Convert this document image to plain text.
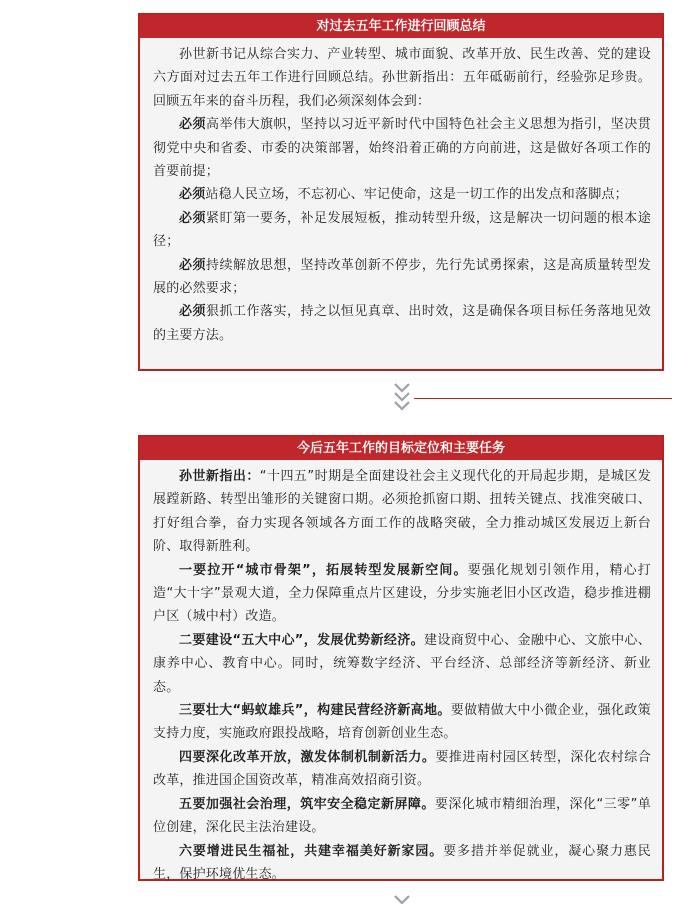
对过去五年工作进行回顾总结

孙世新书记从综合实力、产业转型、城市面貌、改革开放、民生改善、党的建设六方面对过去五年工作进行回顾总结。孙世新指出：五年砥砺前行，经验弥足珍贵。回顾五年来的奋斗历程，我们必须深刻体会到：

必须高举伟大旗帜，坚持以习近平新时代中国特色社会主义思想为指引，坚决贯彻党中央和省委、市委的决策部署，始终沿着正确的方向前进，这是做好各项工作的首要前提；

必须站稳人民立场，不忘初心、牢记使命，这是一切工作的出发点和落脚点；

必须紧盯第一要务，补足发展短板，推动转型升级，这是解决一切问题的根本途径；

必须持续解放思想，坚持改革创新不停步，先行先试勇探索，这是高质量转型发展的必然要求；

必须狠抓工作落实，持之以恒见真章、出时效，这是确保各项目标任务落地见效的主要方法。

今后五年工作的目标定位和主要任务

孙世新指出：“十四五”时期是全面建设社会主义现代化的开局起步期，是城区发展蹚新路、转型出雏形的关键窗口期。必须抢抓窗口期、扭转关键点、找准突破口、打好组合拳，奋力实现各领域各方面工作的战略突破，全力推动城区发展迈上新台阶、取得新胜利。

一要拉开“城市骨架”，拓展转型发展新空间。要强化规划引领作用，精心打造“大十字”景观大道，全力保障重点片区建设，分步实施老旧小区改造，稳步推进棚户区（城中村）改造。

二要建设“五大中心”，发展优势新经济。建设商贸中心、金融中心、文旅中心、康养中心、教育中心。同时，统筹数字经济、平台经济、总部经济等新经济、新业态。

三要壮大“蚂蚁雄兵”，构建民营经济新高地。要做精做大中小微企业，强化政策支持力度，实施政府跟投战略，培育创新创业生态。

四要深化改革开放，激发体制机制新活力。要推进南村园区转型，深化农村综合改革，推进国企国资改革，精准高效招商引资。

五要加强社会治理，筑牢安全稳定新屏障。要深化城市精细治理，深化“三零”单位创建，深化民主法治建设。

六要增进民生福祉，共建幸福美好新家园。要多措并举促就业，凝心聚力惠民生，保护环境优生态。
